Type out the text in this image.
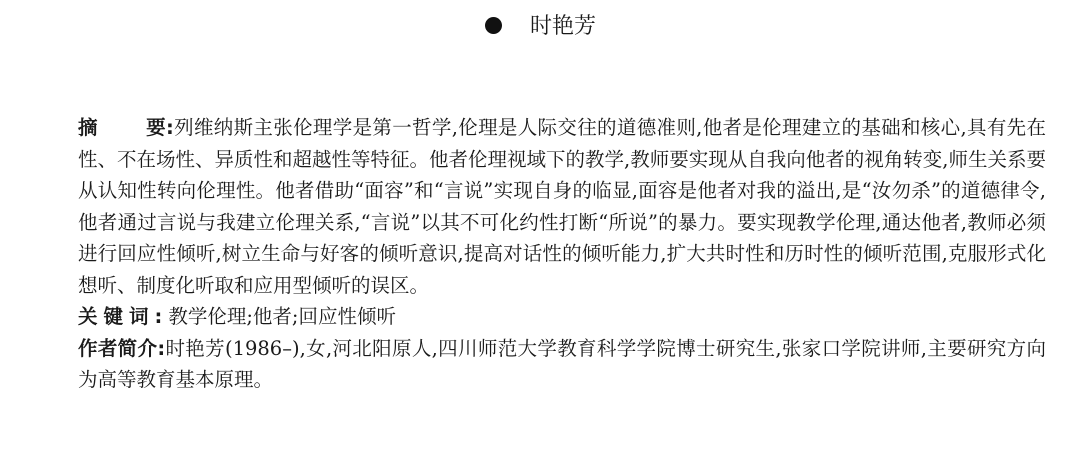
时艳芳

摘 要:列维纳斯主张伦理学是第一哲学,伦理是人际交往的道德准则,他者是伦理建立的基础和核心,具有先在性、不在场性、异质性和超越性等特征。他者伦理视域下的教学,教师要实现从自我向他者的视角转变,师生关系要从认知性转向伦理性。他者借助“面容”和“言说”实现自身的临显,面容是他者对我的溢出,是“汝勿杀”的道德律令,他者通过言说与我建立伦理关系,“言说”以其不可化约性打断“所说”的暴力。要实现教学伦理,通达他者,教师必须进行回应性倾听,树立生命与好客的倾听意识,提高对话性的倾听能力,扩大共时性和历时性的倾听范围,克服形式化想听、制度化听取和应用型倾听的误区。

关键词:教学伦理;他者;回应性倾听

作者简介:时艳芳(1986–),女,河北阳原人,四川师范大学教育科学学院博士研究生,张家口学院讲师,主要研究方向为高等教育基本原理。
